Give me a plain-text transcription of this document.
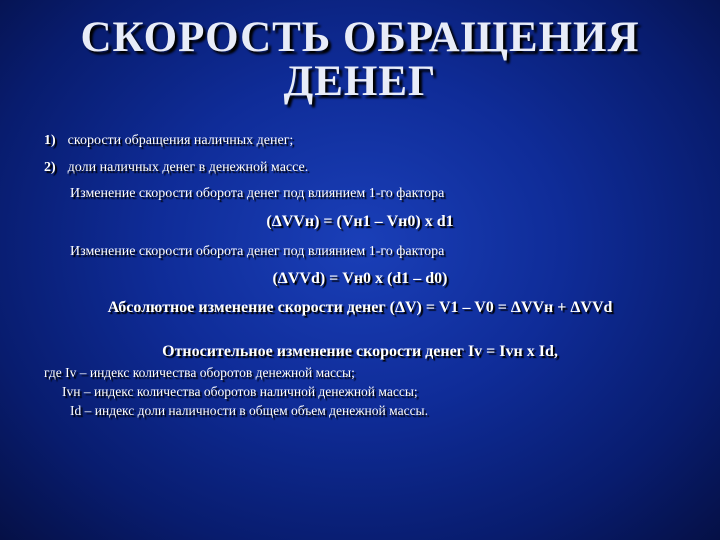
СКОРОСТЬ ОБРАЩЕНИЯ
ДЕНЕГ
1) скорости обращения наличных денег;
2) доли наличных денег в денежной массе.
Изменение скорости оборота денег под влиянием 1-го фактора
(ΔVVн) = (Vн1 – Vн0) x d1
Изменение скорости оборота денег под влиянием 1-го фактора
(ΔVVd) = Vн0 x (d1 – d0)
Абсолютное изменение скорости денег (ΔV) = V1 – V0 = ΔVVн + ΔVVd
Относительное изменение скорости денег Iv = Ivн x Id,
где Iv – индекс количества оборотов денежной массы;
Ivн – индекс количества оборотов наличной денежной массы;
Id – индекс доли наличности в общем объем денежной массы.
